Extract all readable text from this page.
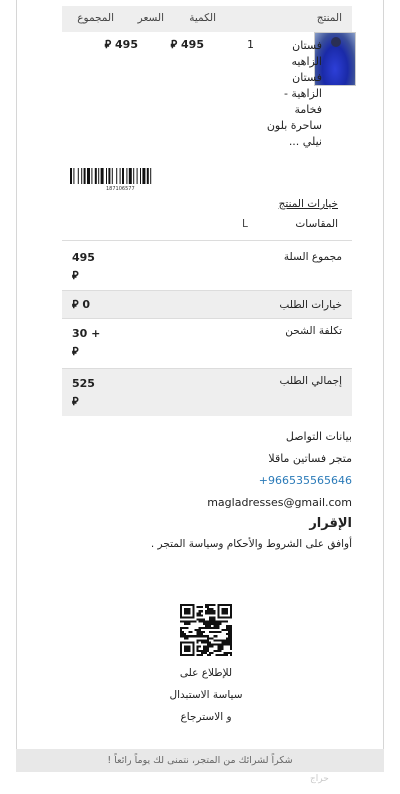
المنتج
الكمية
السعر
المجموع
فستان الزاهيه فستان الزاهية - فخامة ساحرة بلون نيلي ...
1
495 ⃁
495 ⃁
187106577
خيارات المنتج
المقاسات
L
مجموع السلة
495
⃁
خيارات الطلب
0 ⃁
تكلفة الشحن
+ 30
⃁
إجمالي الطلب
525
⃁
بيانات التواصل
متجر فساتين ماقلا
+966535565646
magladresses@gmail.com
الإقرار
أوافق على الشروط والأحكام وسياسة المتجر .
للإطلاع على
سياسة الاستبدال
و الاسترجاع
شكراً لشرائك من المتجر، نتمنى لك يوماً رائعاً !
حراج
